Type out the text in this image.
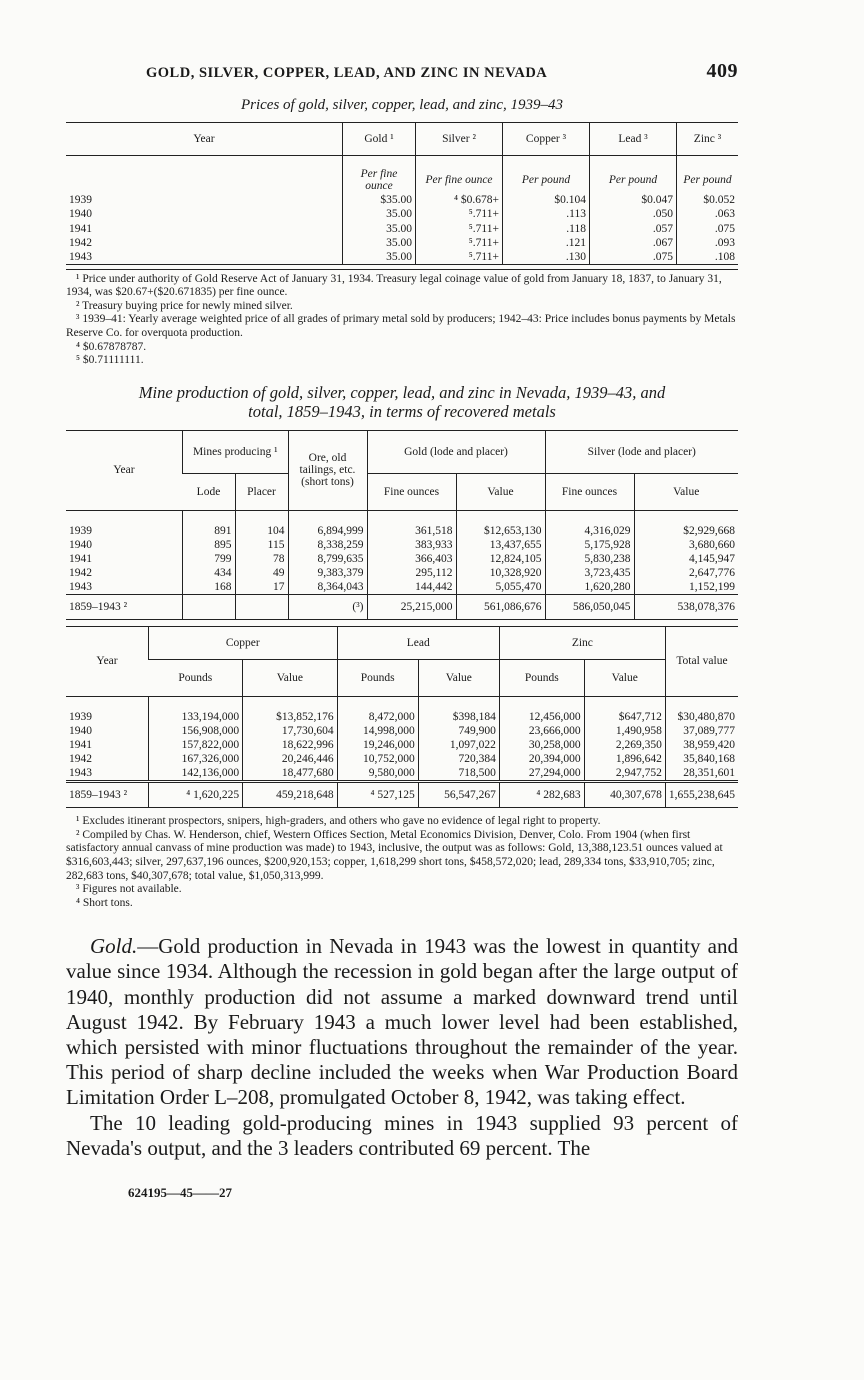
GOLD, SILVER, COPPER, LEAD, AND ZINC IN NEVADA	409
Prices of gold, silver, copper, lead, and zinc, 1939–43
Year	Gold ¹	Silver ²	Copper ³	Lead ³	Zinc ³
	Per fine ounce	Per fine ounce	Per pound	Per pound	Per pound
1939	$35.00	⁴ $0.678+	$0.104	$0.047	$0.052
1940	35.00	⁵.711+	.113	.050	.063
1941	35.00	⁵.711+	.118	.057	.075
1942	35.00	⁵.711+	.121	.067	.093
1943	35.00	⁵.711+	.130	.075	.108

¹ Price under authority of Gold Reserve Act of January 31, 1934. Treasury legal coinage value of gold from January 18, 1837, to January 31, 1934, was $20.67+($20.671835) per fine ounce.

² Treasury buying price for newly mined silver.

³ 1939–41: Yearly average weighted price of all grades of primary metal sold by producers; 1942–43: Price includes bonus payments by Metals Reserve Co. for overquota production.

⁴ $0.67878787.

⁵ $0.71111111.

Mine production of gold, silver, copper, lead, and zinc in Nevada, 1939–43, and
total, 1859–1943, in terms of recovered metals
Year	Mines producing ¹		Ore, old tailings, etc. (short tons)	Gold (lode and placer)		Silver (lode and placer)	
	Lode	Placer		Fine ounces	Value	Fine ounces	Value
1939	891	104	6,894,999	361,518	$12,653,130	4,316,029	$2,929,668
1940	895	115	8,338,259	383,933	13,437,655	5,175,928	3,680,660
1941	799	78	8,799,635	366,403	12,824,105	5,830,238	4,145,947
1942	434	49	9,383,379	295,112	10,328,920	3,723,435	2,647,776
1943	168	17	8,364,043	144,442	5,055,470	1,620,280	1,152,199
1859–1943 ²			(³)	25,215,000	561,086,676	586,050,045	538,078,376
Year	Copper		Lead		Zinc		Total value
	Pounds	Value	Pounds	Value	Pounds	Value	
1939	133,194,000	$13,852,176	8,472,000	$398,184	12,456,000	$647,712	$30,480,870
1940	156,908,000	17,730,604	14,998,000	749,900	23,666,000	1,490,958	37,089,777
1941	157,822,000	18,622,996	19,246,000	1,097,022	30,258,000	2,269,350	38,959,420
1942	167,326,000	20,246,446	10,752,000	720,384	20,394,000	1,896,642	35,840,168
1943	142,136,000	18,477,680	9,580,000	718,500	27,294,000	2,947,752	28,351,601
1859–1943 ²	⁴ 1,620,225	459,218,648	⁴ 527,125	56,547,267	⁴ 282,683	40,307,678	1,655,238,645

¹ Excludes itinerant prospectors, snipers, high-graders, and others who gave no evidence of legal right to property.

² Compiled by Chas. W. Henderson, chief, Western Offices Section, Metal Economics Division, Denver, Colo. From 1904 (when first satisfactory annual canvass of mine production was made) to 1943, inclusive, the output was as follows: Gold, 13,388,123.51 ounces valued at $316,603,443; silver, 297,637,196 ounces, $200,920,153; copper, 1,618,299 short tons, $458,572,020; lead, 289,334 tons, $33,910,705; zinc, 282,683 tons, $40,307,678; total value, $1,050,313,999.

³ Figures not available.

⁴ Short tons.

Gold.—Gold production in Nevada in 1943 was the lowest in quantity and value since 1934. Although the recession in gold began after the large output of 1940, monthly production did not assume a marked downward trend until August 1942. By February 1943 a much lower level had been established, which persisted with minor fluctuations throughout the remainder of the year. This period of sharp decline included the weeks when War Production Board Limitation Order L–208, promulgated October 8, 1942, was taking effect.

The 10 leading gold-producing mines in 1943 supplied 93 percent of Nevada's output, and the 3 leaders contributed 69 percent. The

624195—45——27
